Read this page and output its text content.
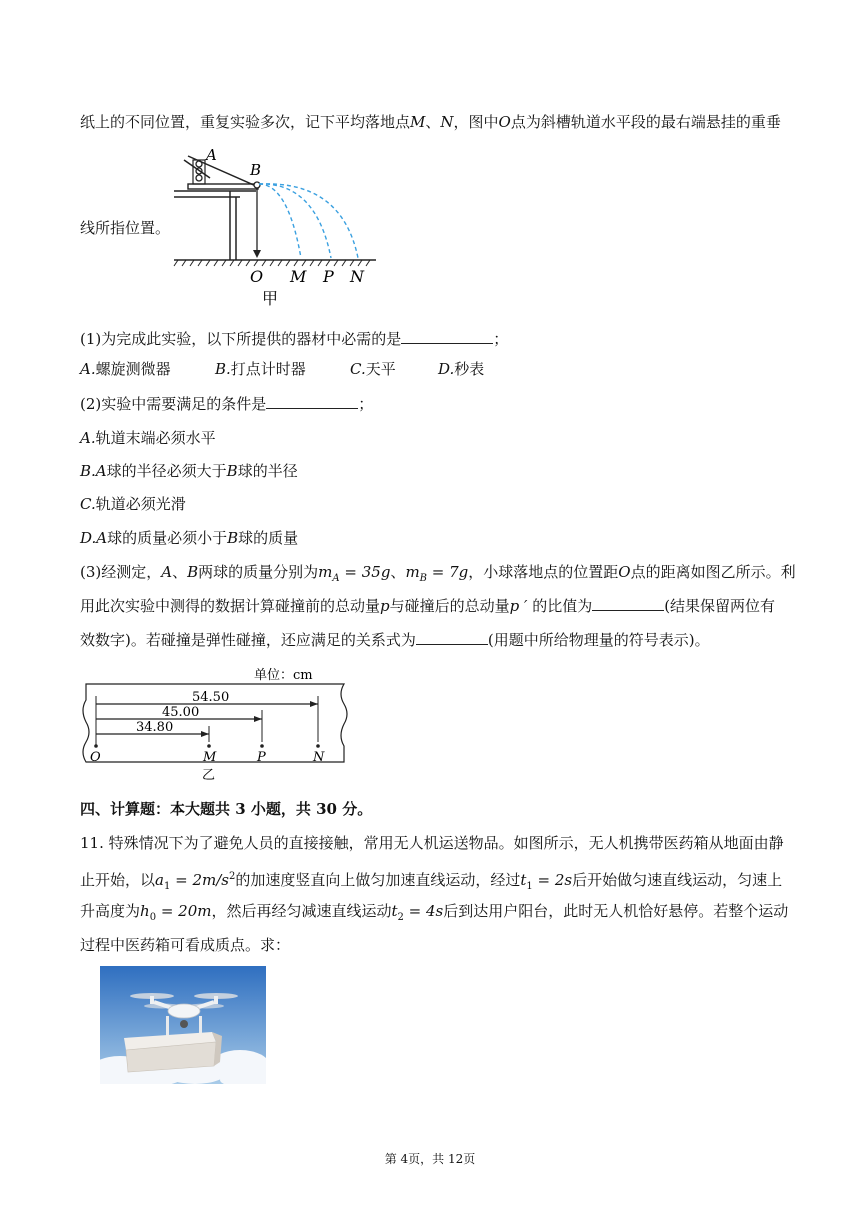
纸上的不同位置，重复实验多次，记下平均落地点M、N，图中O点为斜槽轨道水平段的最右端悬挂的重垂
A
B
O M P N
甲
线所指位置。
(1)为完成此实验，以下所提供的器材中必需的是	；
A.螺旋测微器	B.打点计时器	C.天平	D.秒表
(2)实验中需要满足的条件是	；
A.轨道末端必须水平
B.A球的半径必须大于B球的半径
C.轨道必须光滑
D.A球的质量必须小于B球的质量
(3)经测定，A、B两球的质量分别为$m_A = 35g$、$m_B = 7g$，小球落地点的位置距O点的距离如图乙所示。利
用此次实验中测得的数据计算碰撞前的总动量p与碰撞后的总动量p ′ 的比值为	(结果保留两位有
效数字)。若碰撞是弹性碰撞，还应满足的关系式为	(用题中所给物理量的符号表示)。
单位：cm
54.50
45.00
34.80
O	M	P	N
乙
四、计算题：本大题共 3 小题，共 30 分。
11. 特殊情况下为了避免人员的直接接触，常用无人机运送物品。如图所示，无人机携带医药箱从地面由静
止开始，以$a_1 = 2m/s^2$的加速度竖直向上做匀加速直线运动，经过$t_1 = 2s$后开始做匀速直线运动，匀速上
升高度为$h_0 = 20m$，然后再经匀减速直线运动$t_2 = 4s$后到达用户阳台，此时无人机恰好悬停。若整个运动
过程中医药箱可看成质点。求：
第 4页，共 12页
